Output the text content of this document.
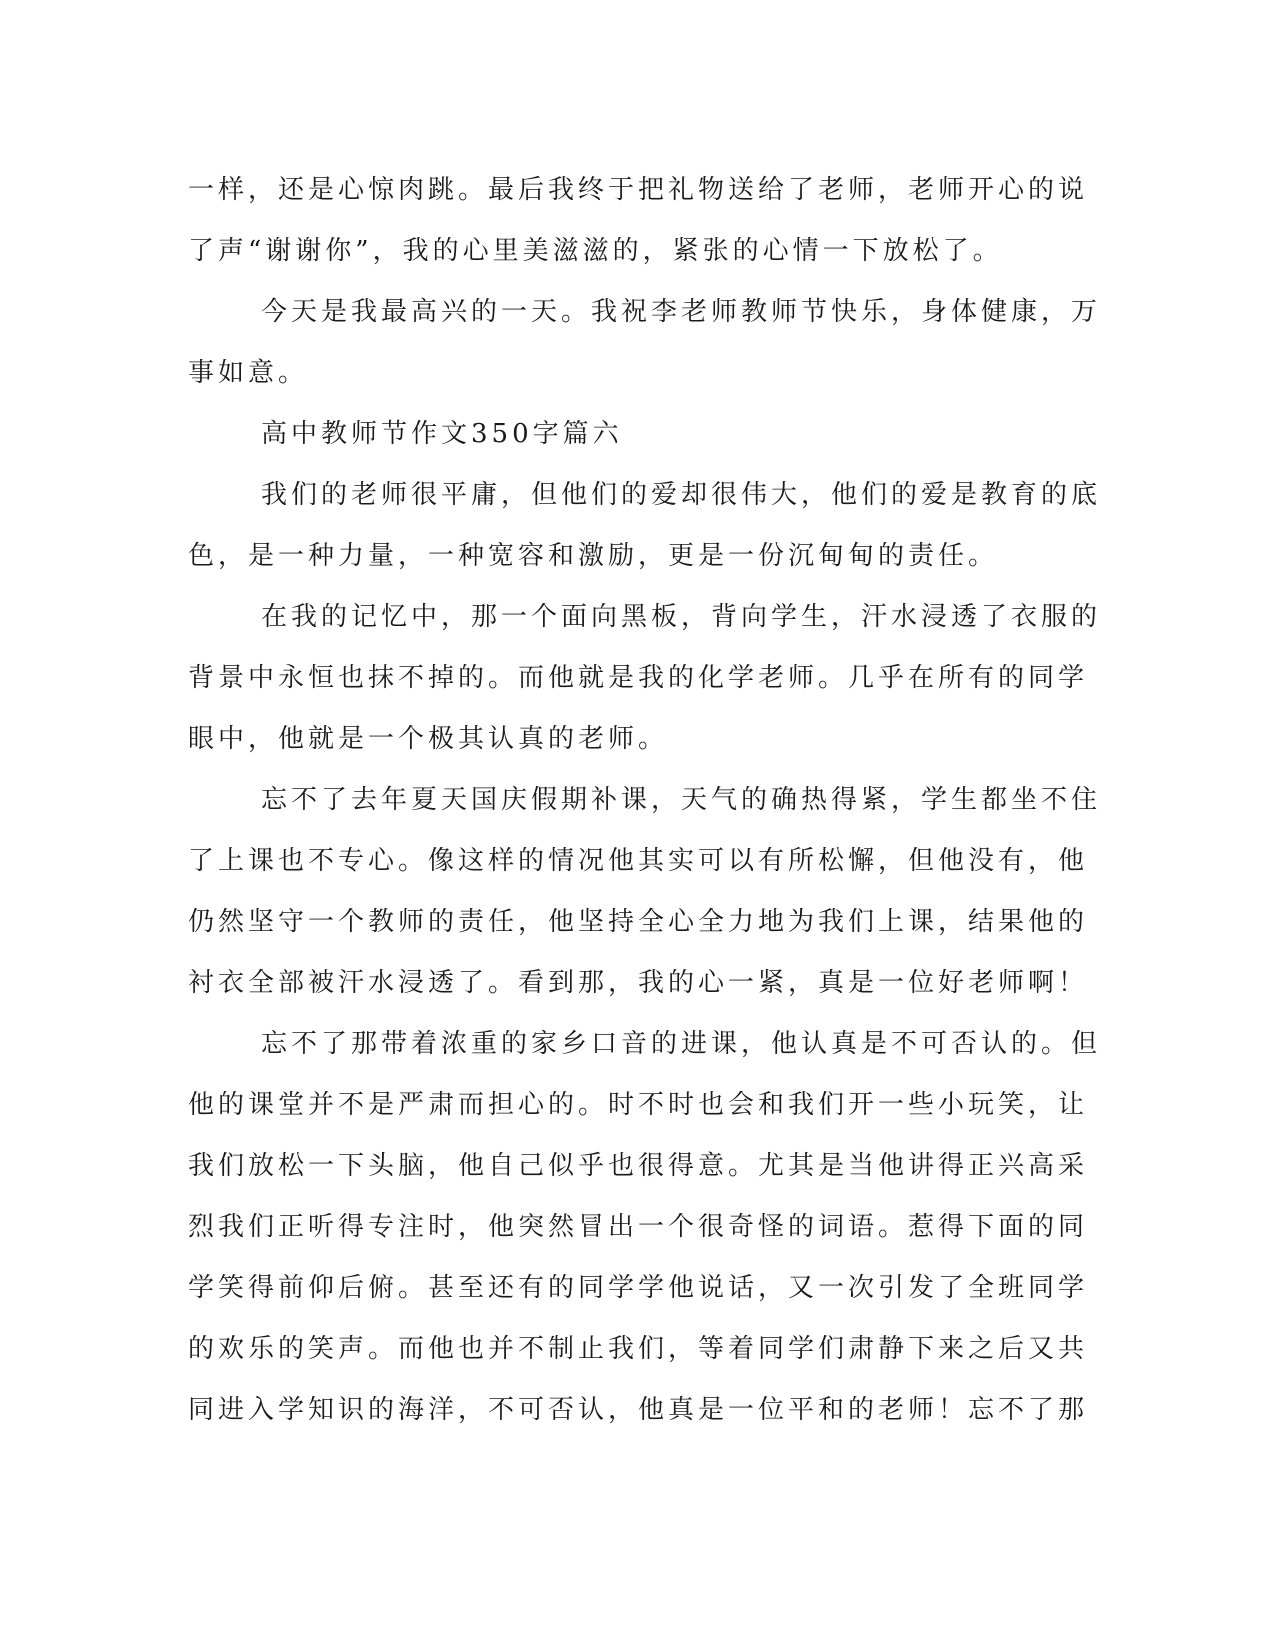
一样，还是心惊肉跳。最后我终于把礼物送给了老师，老师开心的说
了声“谢谢你”，我的心里美滋滋的，紧张的心情一下放松了。
今天是我最高兴的一天。我祝李老师教师节快乐，身体健康，万
事如意。
高中教师节作文350字篇六
我们的老师很平庸，但他们的爱却很伟大，他们的爱是教育的底
色，是一种力量，一种宽容和激励，更是一份沉甸甸的责任。
在我的记忆中，那一个面向黑板，背向学生，汗水浸透了衣服的
背景中永恒也抹不掉的。而他就是我的化学老师。几乎在所有的同学
眼中，他就是一个极其认真的老师。
忘不了去年夏天国庆假期补课，天气的确热得紧，学生都坐不住
了上课也不专心。像这样的情况他其实可以有所松懈，但他没有，他
仍然坚守一个教师的责任，他坚持全心全力地为我们上课，结果他的
衬衣全部被汗水浸透了。看到那，我的心一紧，真是一位好老师啊！
忘不了那带着浓重的家乡口音的进课，他认真是不可否认的。但
他的课堂并不是严肃而担心的。时不时也会和我们开一些小玩笑，让
我们放松一下头脑，他自己似乎也很得意。尤其是当他讲得正兴高采
烈我们正听得专注时，他突然冒出一个很奇怪的词语。惹得下面的同
学笑得前仰后俯。甚至还有的同学学他说话，又一次引发了全班同学
的欢乐的笑声。而他也并不制止我们，等着同学们肃静下来之后又共
同进入学知识的海洋，不可否认，他真是一位平和的老师！忘不了那
